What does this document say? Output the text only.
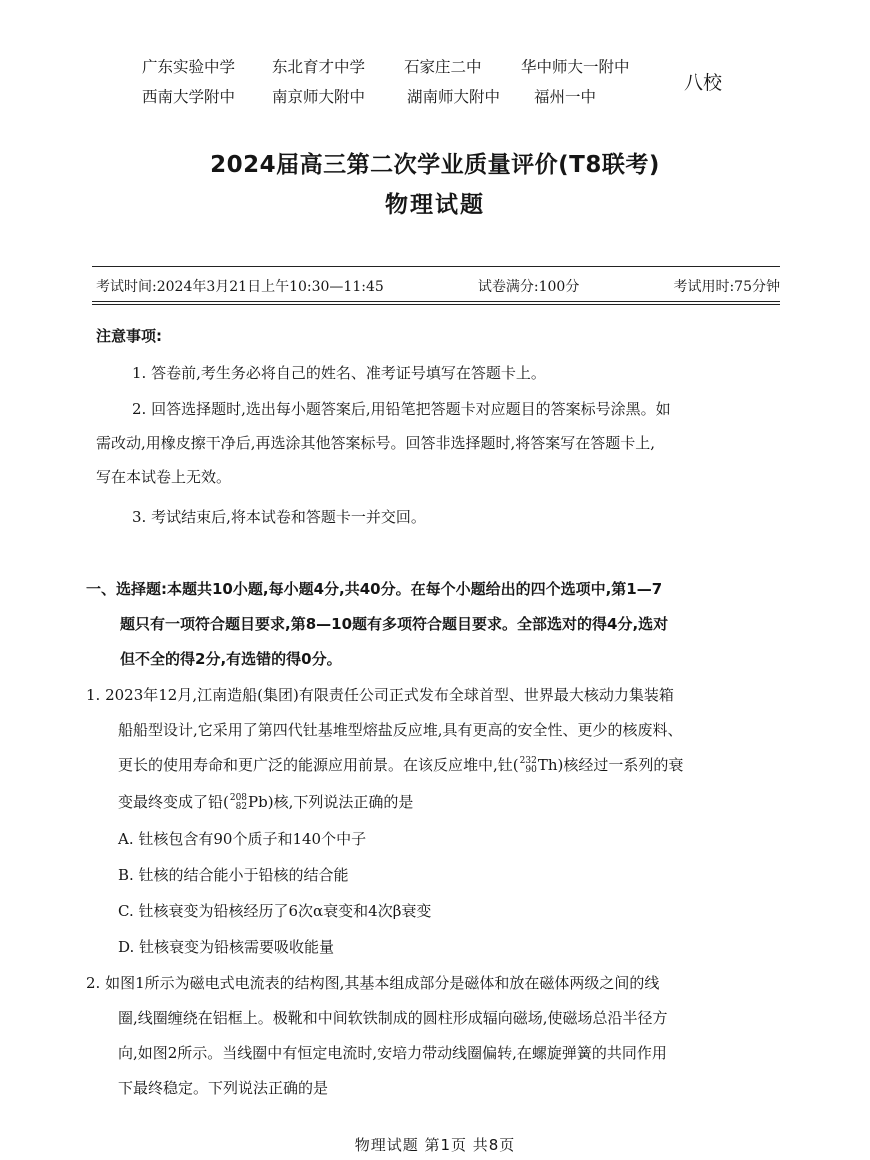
广东实验中学	东北育才中学	石家庄二中	华中师大一附中
西南大学附中	南京师大附中	湖南师大附中	福州一中
八校
2024届高三第二次学业质量评价(T8联考)
物理试题
考试时间:2024年3月21日上午10:30—11:45	试卷满分:100分	考试用时:75分钟
注意事项:
1. 答卷前,考生务必将自己的姓名、准考证号填写在答题卡上。
2. 回答选择题时,选出每小题答案后,用铅笔把答题卡对应题目的答案标号涂黑。如
需改动,用橡皮擦干净后,再选涂其他答案标号。回答非选择题时,将答案写在答题卡上,
写在本试卷上无效。
3. 考试结束后,将本试卷和答题卡一并交回。
一、选择题:本题共10小题,每小题4分,共40分。在每个小题给出的四个选项中,第1—7
题只有一项符合题目要求,第8—10题有多项符合题目要求。全部选对的得4分,选对
但不全的得2分,有选错的得0分。
1. 2023年12月,江南造船(集团)有限责任公司正式发布全球首型、世界最大核动力集装箱
船船型设计,它采用了第四代钍基堆型熔盐反应堆,具有更高的安全性、更少的核废料、
更长的使用寿命和更广泛的能源应用前景。在该反应堆中,钍( 232
90 Th)核经过一系列的衰
变最终变成了铅( 208
82 Pb)核,下列说法正确的是
A. 钍核包含有90个质子和140个中子
B. 钍核的结合能小于铅核的结合能
C. 钍核衰变为铅核经历了6次α衰变和4次β衰变
D. 钍核衰变为铅核需要吸收能量
2. 如图1所示为磁电式电流表的结构图,其基本组成部分是磁体和放在磁体两级之间的线
圈,线圈缠绕在铝框上。极靴和中间软铁制成的圆柱形成辐向磁场,使磁场总沿半径方
向,如图2所示。当线圈中有恒定电流时,安培力带动线圈偏转,在螺旋弹簧的共同作用
下最终稳定。下列说法正确的是
物理试题 第1页 共8页
